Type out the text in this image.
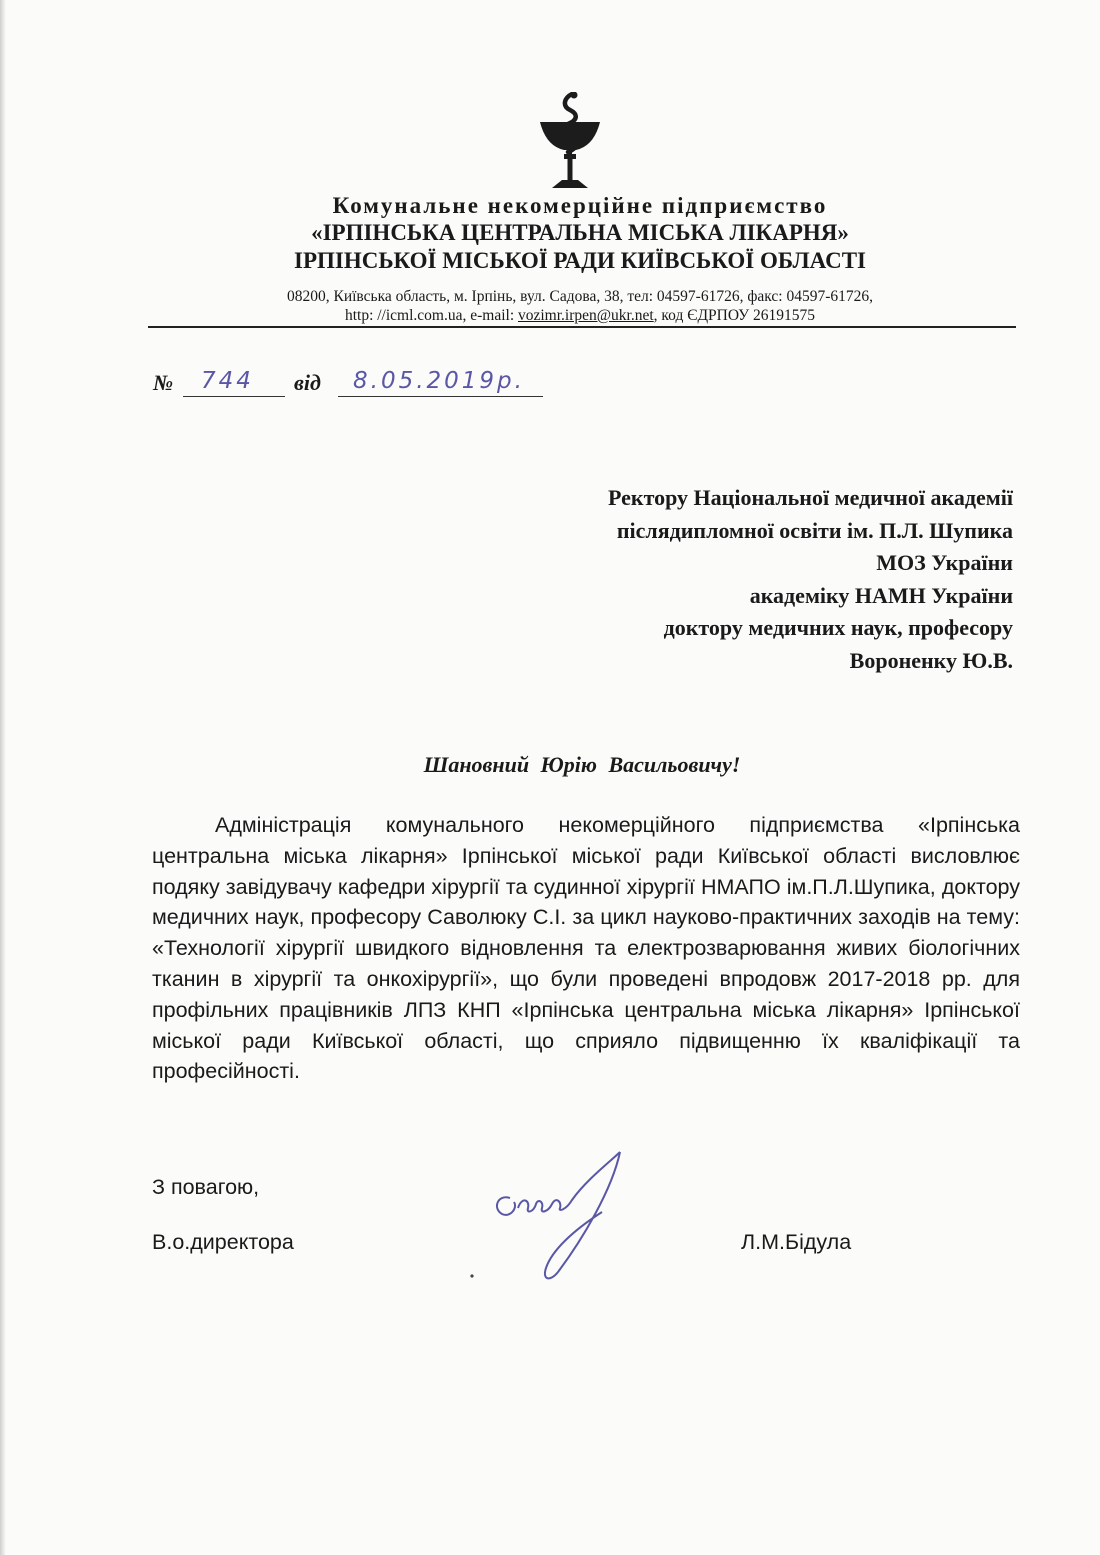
Комунальне некомерційне підприємство
«ІРПІНСЬКА ЦЕНТРАЛЬНА МІСЬКА ЛІКАРНЯ»
ІРПІНСЬКОЇ МІСЬКОЇ РАДИ КИЇВСЬКОЇ ОБЛАСТІ
08200, Київська область, м. Ірпінь, вул. Садова, 38, тел: 04597-61726, факс: 04597-61726,
http: //icml.com.ua, e-mail: vozimr.irpen@ukr.net, код ЄДРПОУ 26191575
№ 744 від 8.05.2019р.
Ректору Національної медичної академії
післядипломної освіти ім. П.Л. Шупика
МОЗ України
академіку НАМН України
доктору медичних наук, професору
Вороненку Ю.В.
Шановний Юрію Васильовичу!
Адміністрація комунального некомерційного підприємства «Ірпінська центральна міська лікарня» Ірпінської міської ради Київської області висловлює подяку завідувачу кафедри хірургії та судинної хірургії НМАПО ім.П.Л.Шупика, доктору медичних наук, професору Саволюку С.І. за цикл науково-практичних заходів на тему: «Технології хірургії швидкого відновлення та електрозварювання живих біологічних тканин в хірургії та онкохірургії», що були проведені впродовж 2017-2018 рр. для профільних працівників ЛПЗ КНП «Ірпінська центральна міська лікарня» Ірпінської міської ради Київської області, що сприяло підвищенню їх кваліфікації та професійності.
З повагою,
В.о.директора	Л.М.Бідула
